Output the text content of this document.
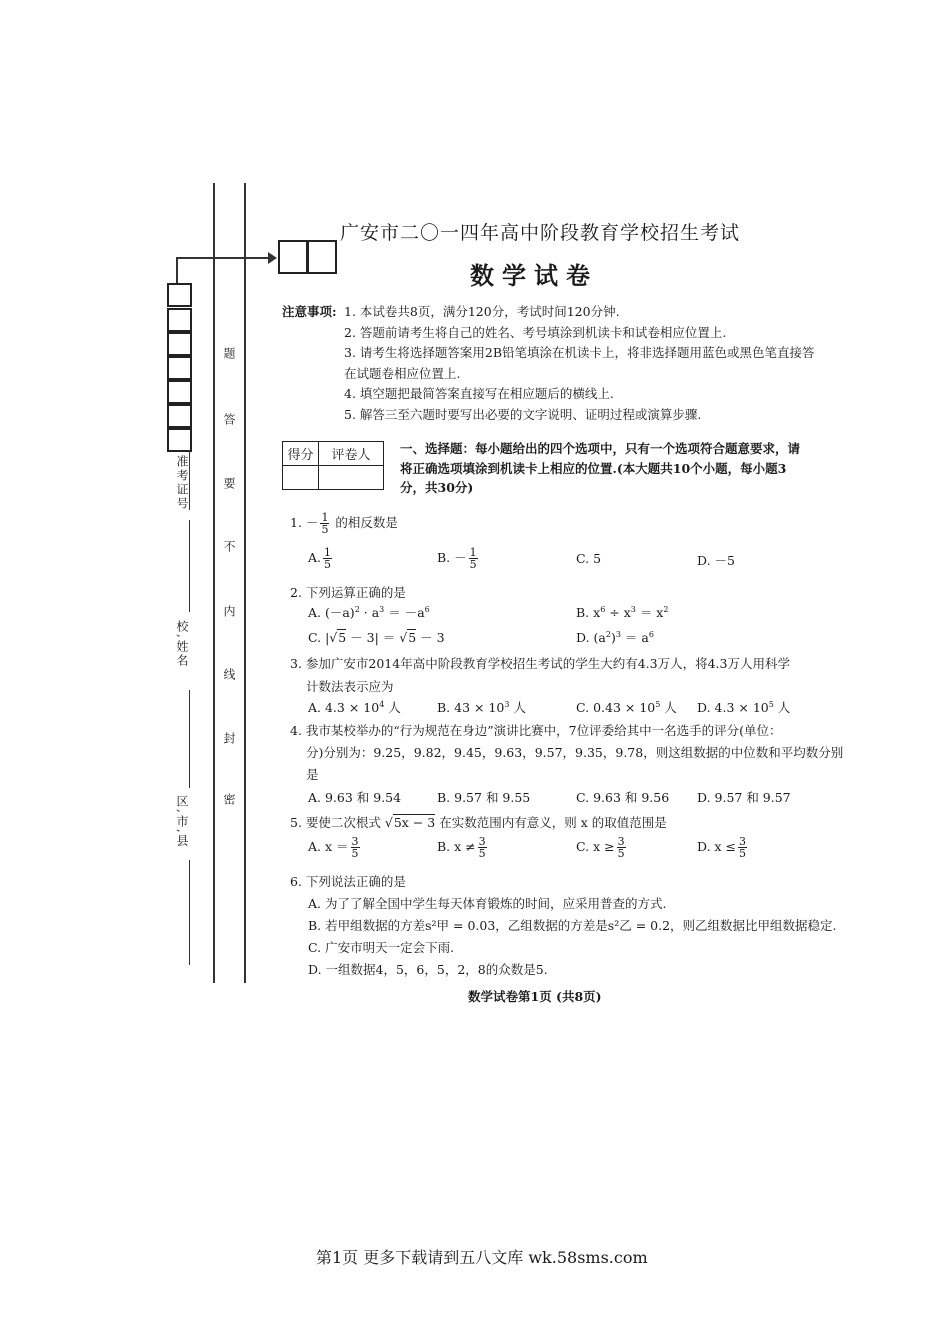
准考证号
校,姓名
区,市,县
题
答
要
不
内
线
封
密
广安市二〇一四年高中阶段教育学校招生考试
数学试卷
注意事项: 1. 本试卷共8页，满分120分，考试时间120分钟.
2. 答题前请考生将自己的姓名、考号填涂到机读卡和试卷相应位置上.
3. 请考生将选择题答案用2B铅笔填涂在机读卡上，将非选择题用蓝色或黑色笔直接答在试题卷相应位置上.
4. 填空题把最简答案直接写在相应题后的横线上.
5. 解答三至六题时要写出必要的文字说明、证明过程或演算步骤.
得分	评卷人
	一、选择题：每小题给出的四个选项中，只有一个选项符合题意要求，请将正确选项填涂到机读卡上相应的位置.(本大题共10个小题，每小题3分，共30分)
1. － $\frac{1}{5}$ 的相反数是
A. $\frac{1}{5}$	B. － $\frac{1}{5}$	C. 5	D. －5
2. 下列运算正确的是
A. $(-a)^2 \cdot a^3 = -a^6$	B. $x^6 \div x^3 = x^2$
C. |√5 － 3| ＝ √5 － 3	D. $(a^2)^3 = a^6$
3. 参加广安市2014年高中阶段教育学校招生考试的学生大约有4.3万人，将4.3万人用科学
计数法表示应为
A. $4.3 \times 10^4$ 人	B. $43 \times 10^3$ 人	C. $0.43 \times 10^5$ 人 D. $4.3 \times 10^5$ 人
4. 我市某校举办的“行为规范在身边”演讲比赛中，7位评委给其中一名选手的评分(单位：
分)分别为：9.25，9.82，9.45，9.63，9.57，9.35，9.78，则这组数据的中位数和平均数分别
是
A. 9.63 和 9.54	B. 9.57 和 9.55	C. 9.63 和 9.56 D. 9.57 和 9.57
5. 要使二次根式 √5x − 3 在实数范围内有意义，则 x 的取值范围是
A. $x = \frac{3}{5}$	B. $x \ne \frac{3}{5}$	C. $x \ge \frac{3}{5}$	D. $x \le \frac{3}{5}$
6. 下列说法正确的是
A. 为了了解全国中学生每天体育锻炼的时间，应采用普查的方式.
B. 若甲组数据的方差s²甲 = 0.03，乙组数据的方差是s²乙 = 0.2，则乙组数据比甲组数据稳定.
C. 广安市明天一定会下雨.
D. 一组数据4，5，6，5，2，8的众数是5.
数学试卷第1页 (共8页)
第1页 更多下载请到五八文库 wk.58sms.com
